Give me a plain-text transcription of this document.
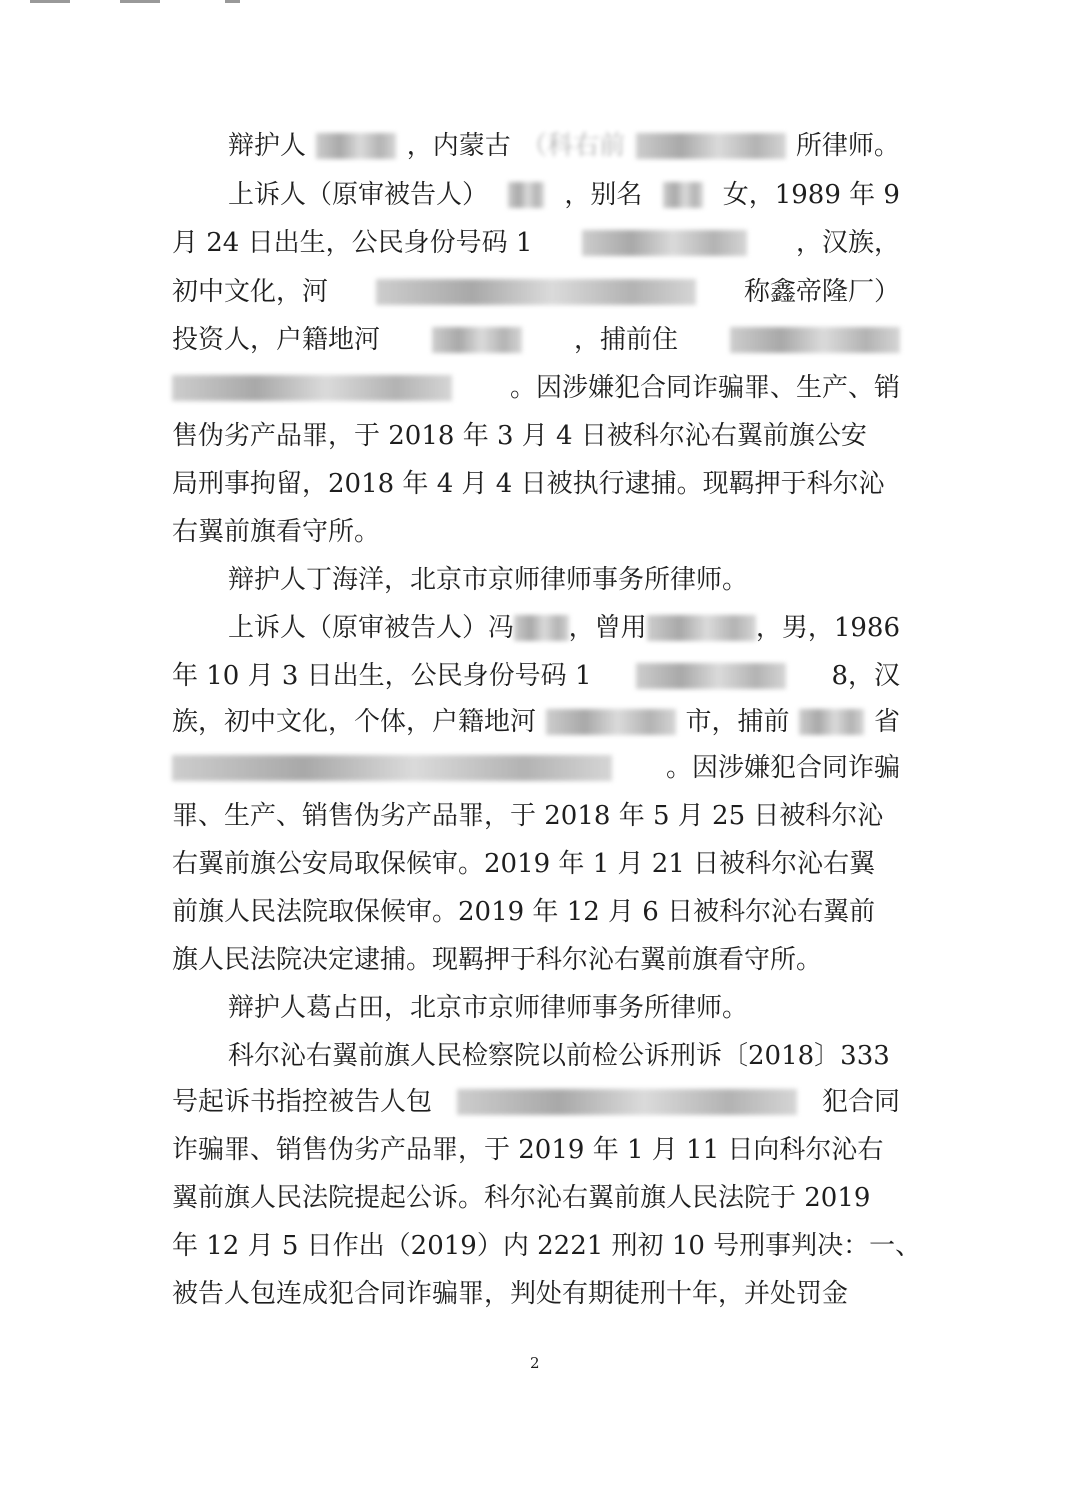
辩护人	，内蒙古 （科右前	所律师。
上诉人（原审被告人）	，别名	女，1989 年 9
月 24 日出生，公民身份号码 1	，汉族，
初中文化，河	称鑫帝隆厂）
投资人，户籍地河	，捕前住
。因涉嫌犯合同诈骗罪、生产、销
售伪劣产品罪，于 2018 年 3 月 4 日被科尔沁右翼前旗公安
局刑事拘留，2018 年 4 月 4 日被执行逮捕。现羁押于科尔沁
右翼前旗看守所。
辩护人丁海洋，北京市京师律师事务所律师。
上诉人（原审被告人）冯 ，曾用	，男，1986
年 10 月 3 日出生，公民身份号码 1	8，汉
族，初中文化，个体，户籍地河	市，捕前	省
。因涉嫌犯合同诈骗
罪、生产、销售伪劣产品罪，于 2018 年 5 月 25 日被科尔沁
右翼前旗公安局取保候审。2019 年 1 月 21 日被科尔沁右翼
前旗人民法院取保候审。2019 年 12 月 6 日被科尔沁右翼前
旗人民法院决定逮捕。现羁押于科尔沁右翼前旗看守所。
辩护人葛占田，北京市京师律师事务所律师。
科尔沁右翼前旗人民检察院以前检公诉刑诉〔2018〕333
号起诉书指控被告人包	犯合同
诈骗罪、销售伪劣产品罪，于 2019 年 1 月 11 日向科尔沁右
翼前旗人民法院提起公诉。科尔沁右翼前旗人民法院于 2019
年 12 月 5 日作出（2019）内 2221 刑初 10 号刑事判决：一、
被告人包连成犯合同诈骗罪，判处有期徒刑十年，并处罚金
2
